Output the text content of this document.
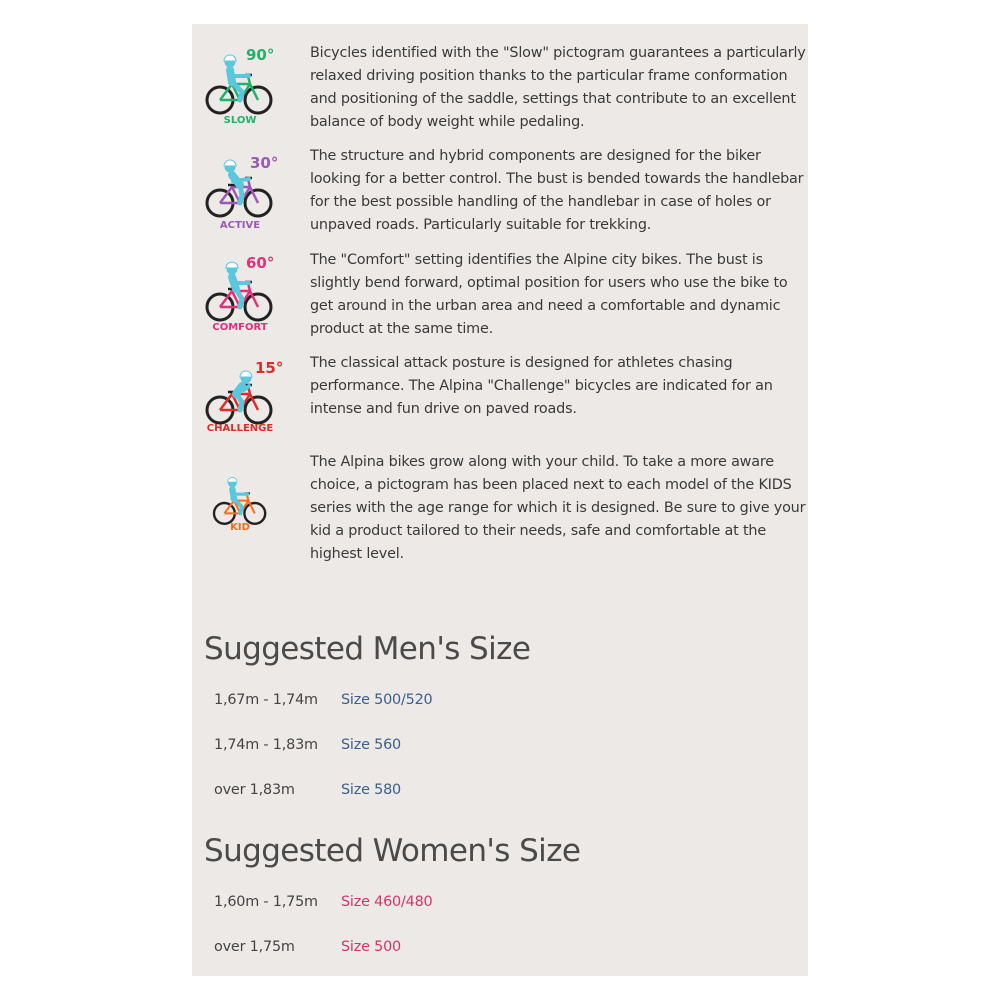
90°
SLOW
Bicycles identified with the "Slow" pictogram guarantees a particularly relaxed driving position thanks to the particular frame conformation and positioning of the saddle, settings that contribute to an excellent balance of body weight while pedaling.
30°
ACTIVE
The structure and hybrid components are designed for the biker looking for a better control. The bust is bended towards the handlebar for the best possible handling of the handlebar in case of holes or unpaved roads. Particularly suitable for trekking.
60°
COMFORT
The "Comfort" setting identifies the Alpine city bikes. The bust is slightly bend forward, optimal position for users who use the bike to get around in the urban area and need a comfortable and dynamic product at the same time.
15°
CHALLENGE
The classical attack posture is designed for athletes chasing performance. The Alpina "Challenge" bicycles are indicated for an intense and fun drive on paved roads.
KID
The Alpina bikes grow along with your child. To take a more aware choice, a pictogram has been placed next to each model of the KIDS series with the age range for which it is designed. Be sure to give your kid a product tailored to their needs, safe and comfortable at the highest level.
Suggested Men's Size
1,67m - 1,74m Size 500/520
1,74m - 1,83m Size 560
over 1,83m	Size 580
Suggested Women's Size
1,60m - 1,75m Size 460/480
over 1,75m	Size 500
